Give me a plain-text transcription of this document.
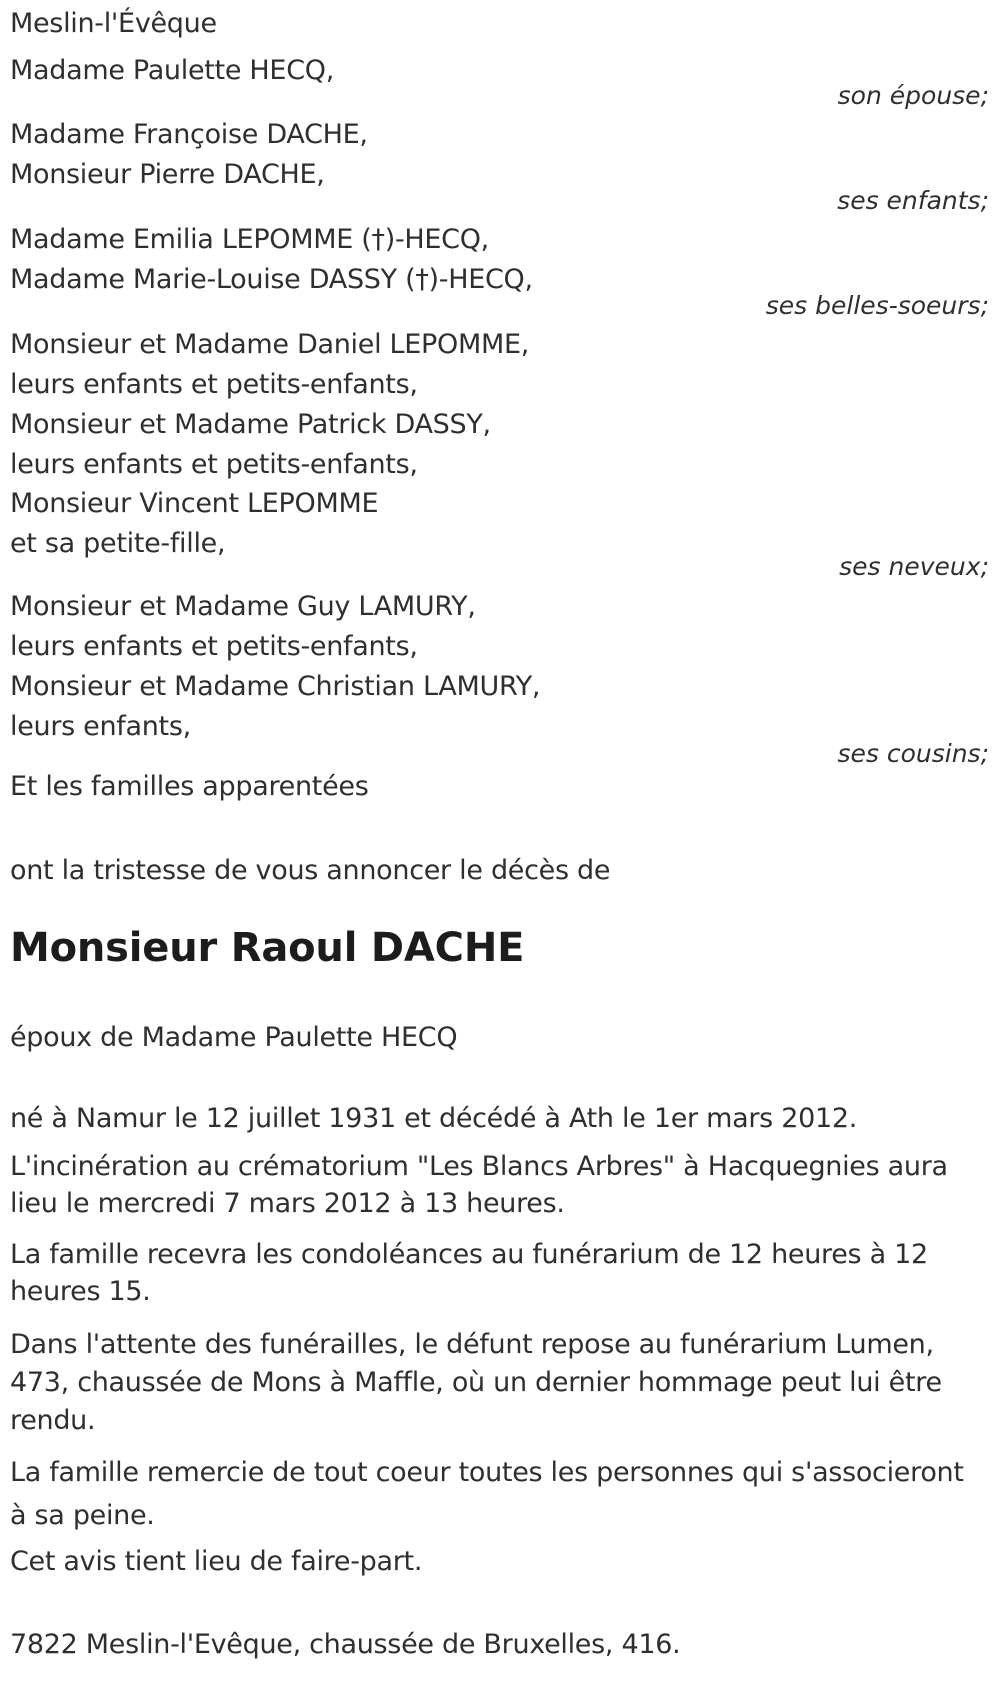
Meslin-l'Évêque
Madame Paulette HECQ,
son épouse;
Madame Françoise DACHE,
Monsieur Pierre DACHE,
ses enfants;
Madame Emilia LEPOMME (†)-HECQ,
Madame Marie-Louise DASSY (†)-HECQ,
ses belles-soeurs;
Monsieur et Madame Daniel LEPOMME,
leurs enfants et petits-enfants,
Monsieur et Madame Patrick DASSY,
leurs enfants et petits-enfants,
Monsieur Vincent LEPOMME
et sa petite-fille,
ses neveux;
Monsieur et Madame Guy LAMURY,
leurs enfants et petits-enfants,
Monsieur et Madame Christian LAMURY,
leurs enfants,
ses cousins;
Et les familles apparentées
ont la tristesse de vous annoncer le décès de
Monsieur Raoul DACHE
époux de Madame Paulette HECQ
né à Namur le 12 juillet 1931 et décédé à Ath le 1er mars 2012.
L'incinération au crématorium "Les Blancs Arbres" à Hacquegnies aura
lieu le mercredi 7 mars 2012 à 13 heures.
La famille recevra les condoléances au funérarium de 12 heures à 12
heures 15.
Dans l'attente des funérailles, le défunt repose au funérarium Lumen,
473, chaussée de Mons à Maffle, où un dernier hommage peut lui être
rendu.
La famille remercie de tout coeur toutes les personnes qui s'associeront
à sa peine.
Cet avis tient lieu de faire-part.
7822 Meslin-l'Evêque, chaussée de Bruxelles, 416.
